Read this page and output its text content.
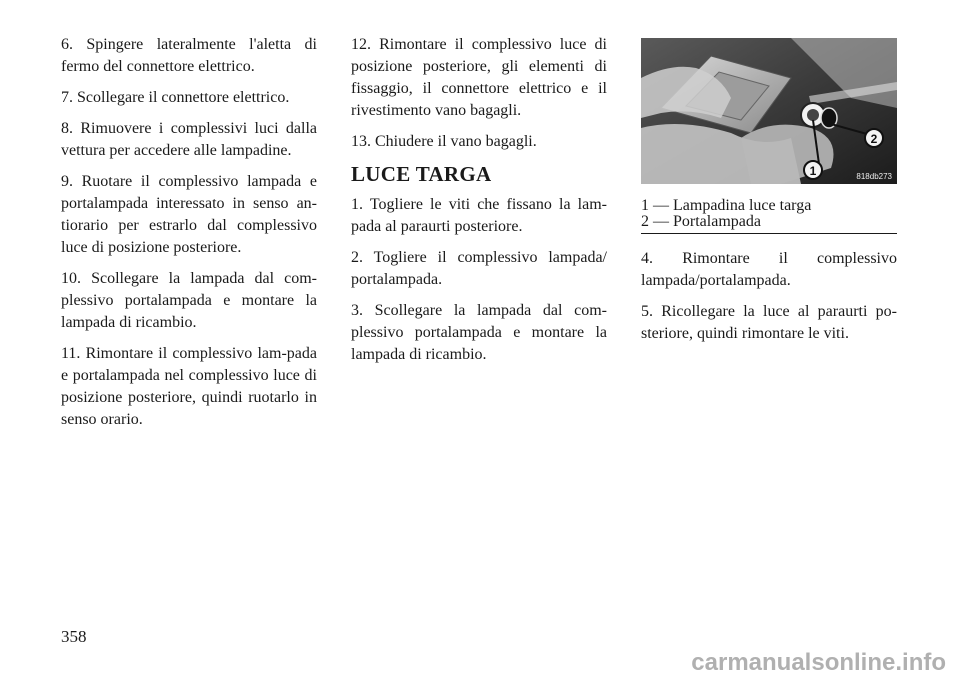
6. Spingere lateralmente l'aletta di fermo del connettore elettrico.

7. Scollegare il connettore elettrico.

8. Rimuovere i complessivi luci dalla vettura per accedere alle lampadine.

9. Ruotare il complessivo lampada e portalampada interessato in senso an-tiorario per estrarlo dal complessivo luce di posizione posteriore.

10. Scollegare la lampada dal com-plessivo portalampada e montare la lampada di ricambio.

11. Rimontare il complessivo lam-pada e portalampada nel complessivo luce di posizione posteriore, quindi ruotarlo in senso orario.

12. Rimontare il complessivo luce di posizione posteriore, gli elementi di fissaggio, il connettore elettrico e il rivestimento vano bagagli.

13. Chiudere il vano bagagli.

LUCE TARGA

1. Togliere le viti che fissano la lam-pada al paraurti posteriore.

2. Togliere il complessivo lampada/ portalampada.

3. Scollegare la lampada dal com-plessivo portalampada e montare la lampada di ricambio.

1
2
818db273
1 — Lampadina luce targa
2 — Portalampada

4. Rimontare il complessivo lampada/portalampada.

5. Ricollegare la luce al paraurti po-steriore, quindi rimontare le viti.

358
carmanualsonline.info
